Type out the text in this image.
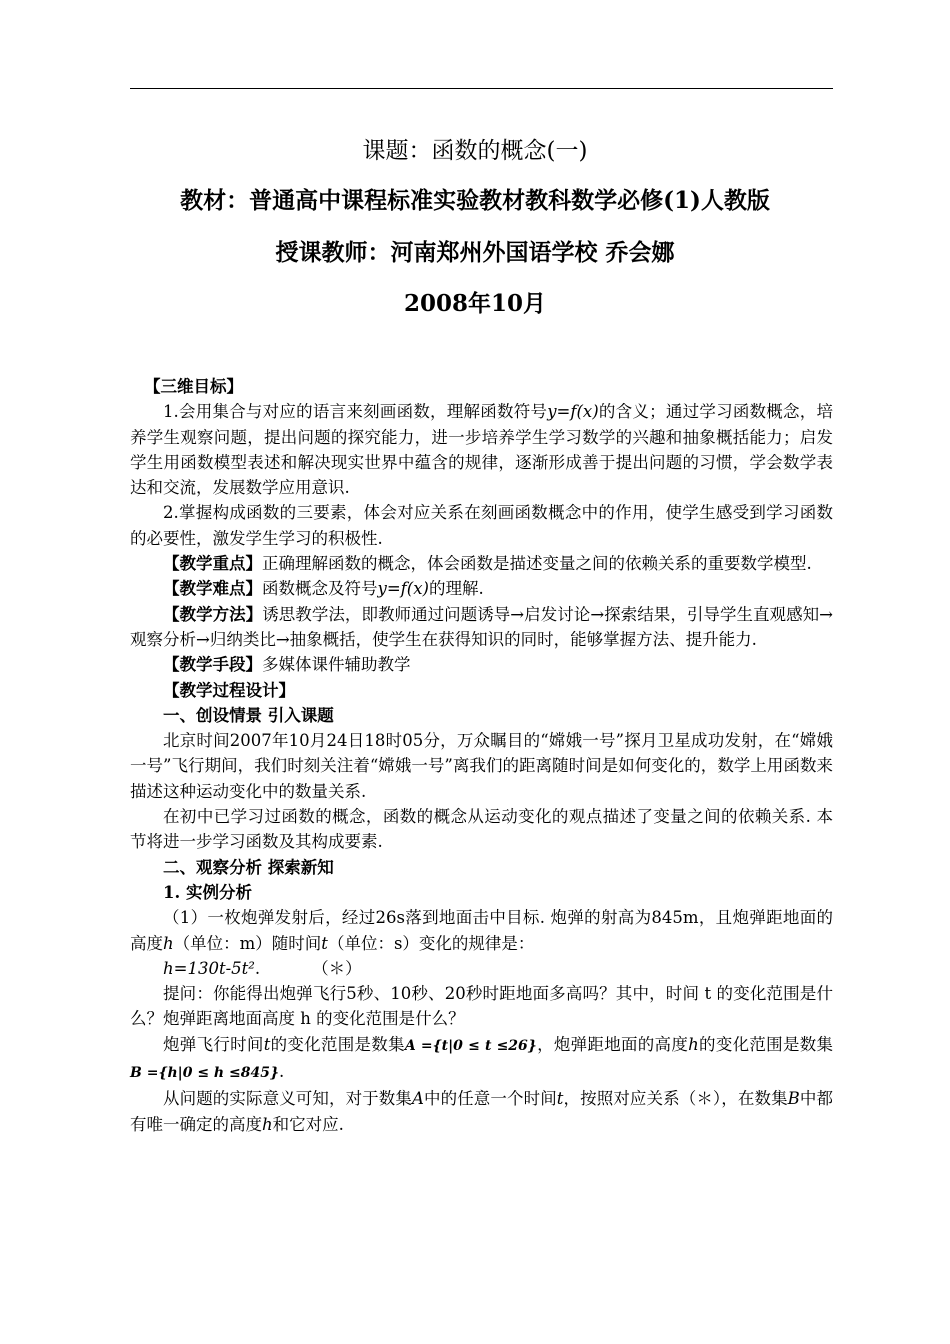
课题：函数的概念(一)
教材：普通高中课程标准实验教材教科数学必修(1)人教版
授课教师：河南郑州外国语学校 乔会娜
2008年10月

【三维目标】

1.会用集合与对应的语言来刻画函数，理解函数符号y=f(x)的含义；通过学习函数概念，培养学生观察问题，提出问题的探究能力，进一步培养学生学习数学的兴趣和抽象概括能力；启发学生用函数模型表述和解决现实世界中蕴含的规律，逐渐形成善于提出问题的习惯，学会数学表达和交流，发展数学应用意识.

2.掌握构成函数的三要素，体会对应关系在刻画函数概念中的作用，使学生感受到学习函数的必要性，激发学生学习的积极性.

【教学重点】正确理解函数的概念，体会函数是描述变量之间的依赖关系的重要数学模型.

【教学难点】函数概念及符号y=f(x)的理解.

【教学方法】诱思教学法，即教师通过问题诱导→启发讨论→探索结果，引导学生直观感知→观察分析→归纳类比→抽象概括，使学生在获得知识的同时，能够掌握方法、提升能力.

【教学手段】多媒体课件辅助教学

【教学过程设计】

一、创设情景 引入课题

北京时间2007年10月24日18时05分，万众瞩目的“嫦娥一号”探月卫星成功发射，在“嫦娥一号”飞行期间，我们时刻关注着“嫦娥一号”离我们的距离随时间是如何变化的，数学上用函数来描述这种运动变化中的数量关系.

在初中已学习过函数的概念，函数的概念从运动变化的观点描述了变量之间的依赖关系. 本节将进一步学习函数及其构成要素.

二、观察分析 探索新知

1. 实例分析

（1）一枚炮弹发射后，经过26s落到地面击中目标. 炮弹的射高为845m，且炮弹距地面的高度h（单位：m）随时间t（单位：s）变化的规律是：

h=130t-5t².	（＊）

提问：你能得出炮弹飞行5秒、10秒、20秒时距地面多高吗？其中，时间 t 的变化范围是什么？炮弹距离地面高度 h 的变化范围是什么？

炮弹飞行时间t的变化范围是数集A ={t|0 ≤ t ≤26}，炮弹距地面的高度h的变化范围是数集B ={h|0 ≤ h ≤845}.

从问题的实际意义可知，对于数集A中的任意一个时间t，按照对应关系（＊），在数集B中都有唯一确定的高度h和它对应.
